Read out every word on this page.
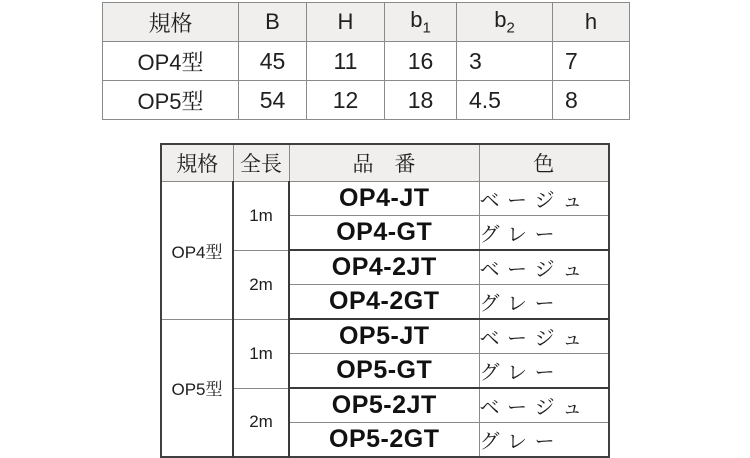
規格	B	H	$b_1$	$b_2$	h
OP4型	45	11	16	3	7
OP5型	54	12	18	4.5	8
規格	全長	品　番	色
OP4型	1m	OP4-JT	ベ ー ジ ュ
		OP4-GT	グ レ ー
	2m	OP4-2JT	ベ ー ジ ュ
		OP4-2GT	グ レ ー
OP5型	1m	OP5-JT	ベ ー ジ ュ
		OP5-GT	グ レ ー
	2m	OP5-2JT	ベ ー ジ ュ
		OP5-2GT	グ レ ー
